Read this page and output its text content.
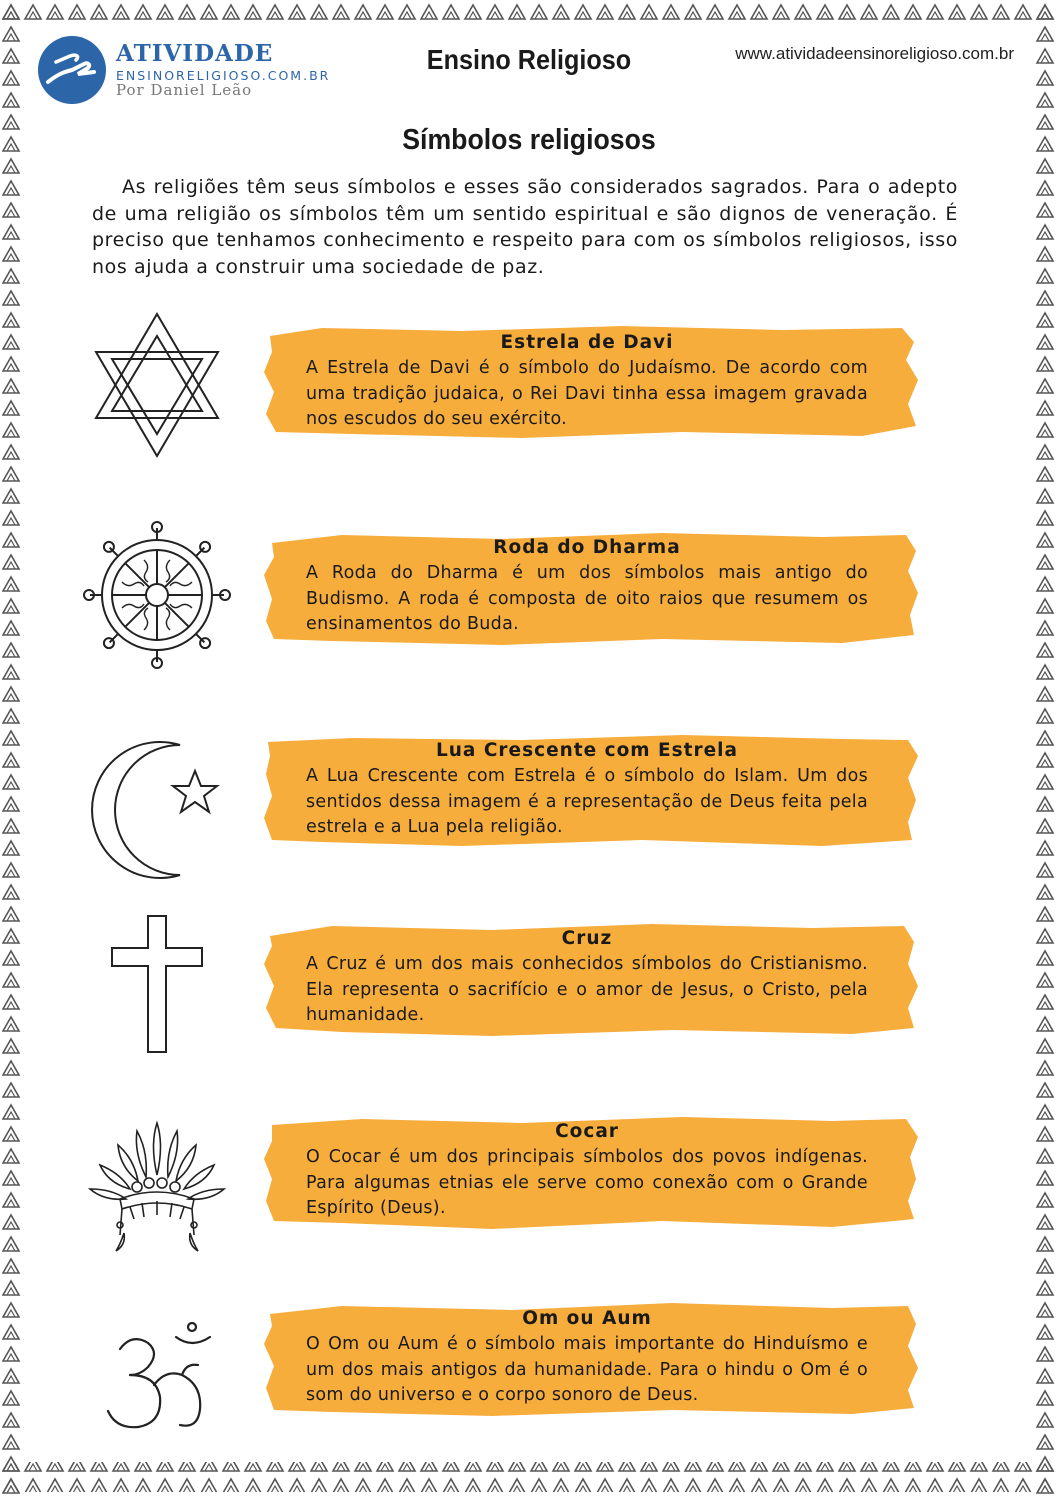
ATIVIDADE
ENSINORELIGIOSO.COM.BR
Por Daniel Leão
Ensino Religioso	www.atividadeensinoreligioso.com.br
Símbolos religiosos
As religiões têm seus símbolos e esses são considerados sagrados. Para o adepto de uma religião os símbolos têm um sentido espiritual e são dignos de veneração. É preciso que tenhamos conhecimento e respeito para com os símbolos religiosos, isso nos ajuda a construir uma sociedade de paz.
Estrela de Davi
A Estrela de Davi é o símbolo do Judaísmo. De acordo com uma tradição judaica, o Rei Davi tinha essa imagem gravada nos escudos do seu exército.
Roda do Dharma
A Roda do Dharma é um dos símbolos mais antigo do Budismo. A roda é composta de oito raios que resumem os ensinamentos do Buda.
Lua Crescente com Estrela
A Lua Crescente com Estrela é o símbolo do Islam. Um dos sentidos dessa imagem é a representação de Deus feita pela estrela e a Lua pela religião.
Cruz
A Cruz é um dos mais conhecidos símbolos do Cristianismo. Ela representa o sacrifício e o amor de Jesus, o Cristo, pela humanidade.
Cocar
O Cocar é um dos principais símbolos dos povos indígenas. Para algumas etnias ele serve como conexão com o Grande Espírito (Deus).
Om ou Aum
O Om ou Aum é o símbolo mais importante do Hinduísmo e um dos mais antigos da humanidade. Para o hindu o Om é o som do universo e o corpo sonoro de Deus.
